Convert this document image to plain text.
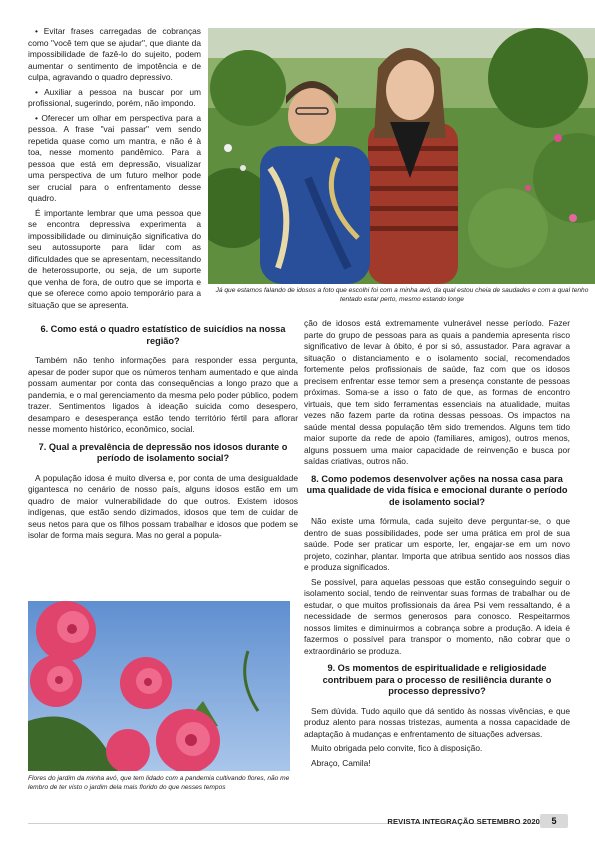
• Evitar frases carregadas de cobranças como "você tem que se ajudar", que diante da impossibilidade de fazê-lo do sujeito, podem aumentar o sentimento de impotência e de culpa, agravando o quadro depressivo.

• Auxiliar a pessoa na buscar por um profissional, sugerindo, porém, não impondo.

• Oferecer um olhar em perspectiva para a pessoa. A frase "vai passar" vem sendo repetida quase como um mantra, e não é à toa, nesse momento pandêmico. Para a pessoa que está em depressão, visualizar uma perspectiva de um futuro melhor pode ser crucial para o enfrentamento desse quadro.

É importante lembrar que uma pessoa que se encontra depressiva experimenta a impossibilidade ou diminuição significativa do seu autossuporte para lidar com as dificuldades que se apresentam, necessitando de heterossuporte, ou seja, de um suporte que venha de fora, de outro que se importa e que se oferece como apoio temporário para a situação que se apresenta.

Já que estamos falando de idosos a foto que escolhi foi com a minha avó, da qual estou cheia de saudades e com a qual tenho tentado estar perto, mesmo estando longe
6. Como está o quadro estatístico de suicídios na nossa região?

Também não tenho informações para responder essa pergunta, apesar de poder supor que os números tenham aumentado e que ainda possam aumentar por conta das consequências a longo prazo que a pandemia, e o mal gerenciamento da mesma pelo poder público, podem trazer. Sentimentos ligados à ideação suicida como desespero, desamparo e desesperança estão tendo território fértil para aflorar nesse momento histórico, econômico, social.

7. Qual a prevalência de depressão nos idosos durante o período de isolamento social?

A população idosa é muito diversa e, por conta de uma desigualdade gigantesca no cenário de nosso país, alguns idosos estão em um quadro de maior vulnerabilidade do que outros. Existem idosos indígenas, que estão sendo dizimados, idosos que tem de cuidar de seus netos para que os filhos possam trabalhar e idosos que podem se isolar de forma mais segura. Mas no geral a popula-

Flores do jardim da minha avó, que tem lidado com a pandemia cultivando flores, não me lembro de ter visto o jardim dela mais florido do que nesses tempos

ção de idosos está extremamente vulnerável nesse período. Fazer parte do grupo de pessoas para as quais a pandemia apresenta risco significativo de levar à óbito, é por si só, assustador. Para agravar a situação o distanciamento e o isolamento social, recomendados fortemente pelos profissionais de saúde, faz com que os idosos precisem enfrentar esse temor sem a presença constante de pessoas próximas. Soma-se a isso o fato de que, as formas de encontro virtuais, que tem sido ferramentas essenciais na atualidade, muitas vezes não fazem parte da rotina dessas pessoas. Os impactos na saúde mental dessa população têm sido tremendos. Alguns tem tido maior suporte da rede de apoio (familiares, amigos), outros menos, alguns possuem uma maior capacidade de reinvenção e busca por saídas criativas, outros não.

8. Como podemos desenvolver ações na nossa casa para uma qualidade de vida física e emocional durante o período de isolamento social?

Não existe uma fórmula, cada sujeito deve perguntar-se, o que dentro de suas possibilidades, pode ser uma prática em prol de sua saúde. Pode ser praticar um esporte, ler, engajar-se em um novo projeto, cozinhar, plantar. Importa que atribua sentido aos nossos dias e produza significados.

Se possível, para aquelas pessoas que estão conseguindo seguir o isolamento social, tendo de reinventar suas formas de trabalhar ou de estudar, o que muitos profissionais da área Psi vem ressaltando, é a necessidade de sermos generosos para conosco. Respeitarmos nossos limites e diminuirmos a cobrança sobre a produção. A ideia é fazermos o possível para transpor o momento, não cobrar que o extraordinário se produza.

9. Os momentos de espiritualidade e religiosidade contribuem para o processo de resiliência durante o processo depressivo?

Sem dúvida. Tudo aquilo que dá sentido às nossas vivências, e que produz alento para nossas tristezas, aumenta a nossa capacidade de adaptação à mudanças e enfrentamento de situações adversas.

Muito obrigada pelo convite, fico à disposição.

Abraço, Camila!

REVISTA INTEGRAÇÃO SETEMBRO 2020	5
